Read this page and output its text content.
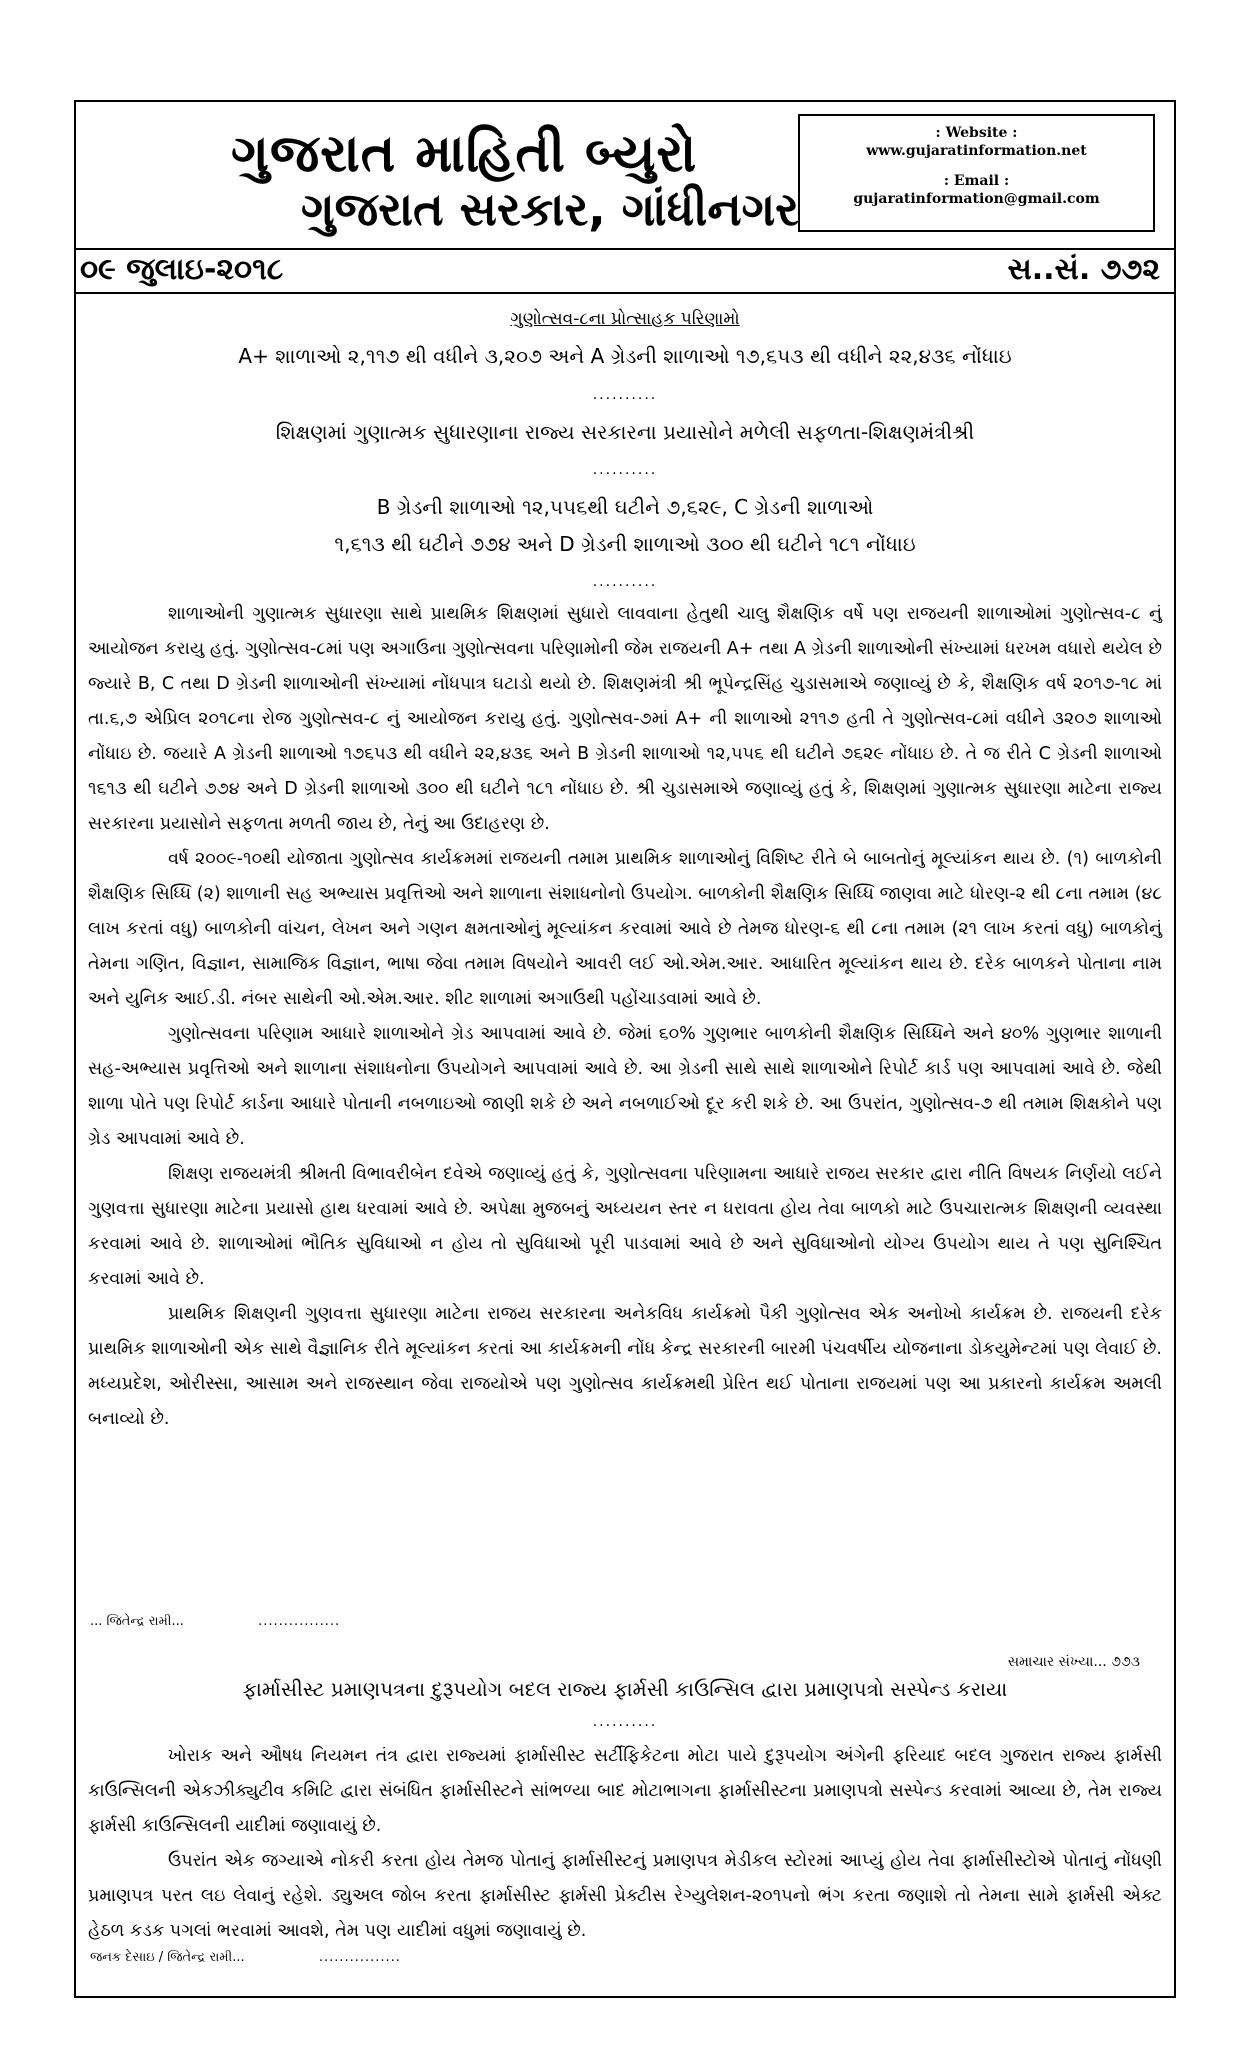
ગુજરાત માહિતી બ્યુરો
ગુજરાત સરકાર, ગાંધીનગર
: Website :
www.gujaratinformation.net
: Email :
gujaratinformation@gmail.com
૦૯ જુલાઇ-૨૦૧૮	સ..સં. ૭૭૨
ગુણોત્સવ-૮ના પ્રોત્સાહક પરિણામો
A+ શાળાઓ ૨,૧૧૭ થી વધીને ૩,૨૦૭ અને A ગ્રેડની શાળાઓ ૧૭,૬૫૩ થી વધીને ૨૨,૪૩૬ નોંધાઇ
..........
શિક્ષણમાં ગુણાત્મક સુધારણાના રાજ્ય સરકારના પ્રયાસોને મળેલી સફળતા-શિક્ષણમંત્રીશ્રી
..........
B ગ્રેડની શાળાઓ ૧૨,૫૫૬થી ઘટીને ૭,૬૨૯, C ગ્રેડની શાળાઓ
૧,૬૧૩ થી ઘટીને ૭૭૪ અને D ગ્રેડની શાળાઓ ૩૦૦ થી ઘટીને ૧૮૧ નોંધાઇ
..........

શાળાઓની ગુણાત્મક સુધારણા સાથે પ્રાથમિક શિક્ષણમાં સુધારો લાવવાના હેતુથી ચાલુ શૈક્ષણિક વર્ષે પણ રાજયની શાળાઓમાં ગુણોત્સવ-૮ નું આયોજન કરાયુ હતું. ગુણોત્સવ-૮માં પણ અગાઉના ગુણોત્સવના પરિણામોની જેમ રાજયની A+ તથા A ગ્રેડની શાળાઓની સંખ્યામાં ધરખમ વધારો થયેલ છે જ્યારે B, C તથા D ગ્રેડની શાળાઓની સંખ્યામાં નોંધપાત્ર ઘટાડો થયો છે. શિક્ષણમંત્રી શ્રી ભૂપેન્દ્રસિંહ ચુડાસમાએ જણાવ્યું છે કે, શૈક્ષણિક વર્ષ ૨૦૧૭-૧૮ માં તા.૬,૭ એપ્રિલ ૨૦૧૮ના રોજ ગુણોત્સવ-૮ નું આયોજન કરાયુ હતું. ગુણોત્સવ-૭માં A+ ની શાળાઓ ૨૧૧૭ હતી તે ગુણોત્સવ-૮માં વધીને ૩૨૦૭ શાળાઓ નોંધાઇ છે. જયારે A ગ્રેડની શાળાઓ ૧૭૬૫૩ થી વધીને ૨૨,૪૩૬ અને B ગ્રેડની શાળાઓ ૧૨,૫૫૬ થી ઘટીને ૭૬૨૯ નોંધાઇ છે. તે જ રીતે C ગ્રેડની શાળાઓ ૧૬૧૩ થી ઘટીને ૭૭૪ અને D ગ્રેડની શાળાઓ ૩૦૦ થી ઘટીને ૧૮૧ નોંધાઇ છે. શ્રી ચુડાસમાએ જણાવ્યું હતું કે, શિક્ષણમાં ગુણાત્મક સુધારણા માટેના રાજ્ય સરકારના પ્રયાસોને સફળતા મળતી જાય છે, તેનું આ ઉદાહરણ છે.

વર્ષ ૨૦૦૯-૧૦થી યોજાતા ગુણોત્સવ કાર્યક્રમમાં રાજયની તમામ પ્રાથમિક શાળાઓનું વિશિષ્ટ રીતે બે બાબતોનું મૂલ્યાંકન થાય છે. (૧) બાળકોની શૈક્ષણિક સિધ્ધિ (૨) શાળાની સહ અભ્યાસ પ્રવૃત્તિઓ અને શાળાના સંશાધનોનો ઉપયોગ. બાળકોની શૈક્ષણિક સિધ્ધિ જાણવા માટે ધોરણ-૨ થી ૮ના તમામ (૪૮ લાખ કરતાં વધુ) બાળકોની વાંચન, લેખન અને ગણન ક્ષમતાઓનું મૂલ્યાંકન કરવામાં આવે છે તેમજ ધોરણ-૬ થી ૮ના તમામ (૨૧ લાખ કરતાં વધુ) બાળકોનું તેમના ગણિત, વિજ્ઞાન, સામાજિક વિજ્ઞાન, ભાષા જેવા તમામ વિષયોને આવરી લઈ ઓ.એમ.આર. આધારિત મૂલ્યાંકન થાય છે. દરેક બાળકને પોતાના નામ અને યુનિક આઈ.ડી. નંબર સાથેની ઓ.એમ.આર. શીટ શાળામાં અગાઉથી પહોંચાડવામાં આવે છે.

ગુણોત્સવના પરિણામ આધારે શાળાઓને ગ્રેડ આપવામાં આવે છે. જેમાં ૬૦% ગુણભાર બાળકોની શૈક્ષણિક સિધ્ધિને અને ૪૦% ગુણભાર શાળાની સહ-અભ્યાસ પ્રવૃત્તિઓ અને શાળાના સંશાધનોના ઉપયોગને આપવામાં આવે છે. આ ગ્રેડની સાથે સાથે શાળાઓને રિપોર્ટ કાર્ડ પણ આપવામાં આવે છે. જેથી શાળા પોતે પણ રિપોર્ટ કાર્ડના આધારે પોતાની નબળાઇઓ જાણી શકે છે અને નબળાઈઓ દૂર કરી શકે છે. આ ઉપરાંત, ગુણોત્સવ-૭ થી તમામ શિક્ષકોને પણ ગ્રેડ આપવામાં આવે છે.

શિક્ષણ રાજયમંત્રી શ્રીમતી વિભાવરીબેન દવેએ જણાવ્યું હતું કે, ગુણોત્સવના પરિણામના આધારે રાજય સરકાર દ્વારા નીતિ વિષયક નિર્ણયો લઈને ગુણવત્તા સુધારણા માટેના પ્રયાસો હાથ ધરવામાં આવે છે. અપેક્ષા મુજબનું અધ્યયન સ્તર ન ધરાવતા હોય તેવા બાળકો માટે ઉપચારાત્મક શિક્ષણની વ્યવસ્થા કરવામાં આવે છે. શાળાઓમાં ભૌતિક સુવિધાઓ ન હોય તો સુવિધાઓ પૂરી પાડવામાં આવે છે અને સુવિધાઓનો યોગ્ય ઉપયોગ થાય તે પણ સુનિશ્ચિત કરવામાં આવે છે.

પ્રાથમિક શિક્ષણની ગુણવત્તા સુધારણા માટેના રાજય સરકારના અનેકવિધ કાર્યક્રમો પૈકી ગુણોત્સવ એક અનોખો કાર્યક્રમ છે. રાજયની દરેક પ્રાથમિક શાળાઓની એક સાથે વૈજ્ઞાનિક રીતે મૂલ્યાંકન કરતાં આ કાર્યક્રમની નોંધ કેન્દ્ર સરકારની બારમી પંચવર્ષીય યોજનાના ડોકયુમેન્ટમાં પણ લેવાઈ છે. મધ્યપ્રદેશ, ઓરીસ્સા, આસામ અને રાજસ્થાન જેવા રાજયોએ પણ ગુણોત્સવ કાર્યક્રમથી પ્રેરિત થઈ પોતાના રાજયમાં પણ આ પ્રકારનો કાર્યક્રમ અમલી બનાવ્યો છે.

... જિતેન્દ્ર રામી...	................
સમાચાર સંખ્યા... ૭૭૩
ફાર્માસીસ્ટ પ્રમાણપત્રના દુરૂપયોગ બદલ રાજ્ય ફાર્મસી કાઉન્સિલ દ્વારા પ્રમાણપત્રો સસ્પેન્ડ કરાયા
..........

ખોરાક અને ઔષધ નિયમન તંત્ર દ્વારા રાજ્યમાં ફાર્માસીસ્ટ સર્ટીફિકેટના મોટા પાયે દુરૂપયોગ અંગેની ફરિયાદ બદલ ગુજરાત રાજ્ય ફાર્મસી કાઉન્સિલની એકઝીક્યુટીવ કમિટિ દ્વારા સંબંધિત ફાર્માસીસ્ટને સાંભળ્યા બાદ મોટાભાગના ફાર્માસીસ્ટના પ્રમાણપત્રો સસ્પેન્ડ કરવામાં આવ્યા છે, તેમ રાજ્ય ફાર્મસી કાઉન્સિલની યાદીમાં જણાવાયું છે.

ઉપરાંત એક જગ્યાએ નોકરી કરતા હોય તેમજ પોતાનું ફાર્માસીસ્ટનું પ્રમાણપત્ર મેડીકલ સ્ટોરમાં આપ્યું હોય તેવા ફાર્માસીસ્ટોએ પોતાનું નોંધણી પ્રમાણપત્ર પરત લઇ લેવાનું રહેશે. ડ્યુઅલ જોબ કરતા ફાર્માસીસ્ટ ફાર્મસી પ્રેક્ટીસ રેગ્યુલેશન-૨૦૧૫નો ભંગ કરતા જણાશે તો તેમના સામે ફાર્મસી એક્ટ હેઠળ કડક પગલાં ભરવામાં આવશે, તેમ પણ યાદીમાં વધુમાં જણાવાયું છે.

જનક દેસાઇ / જિતેન્દ્ર રામી...	................
